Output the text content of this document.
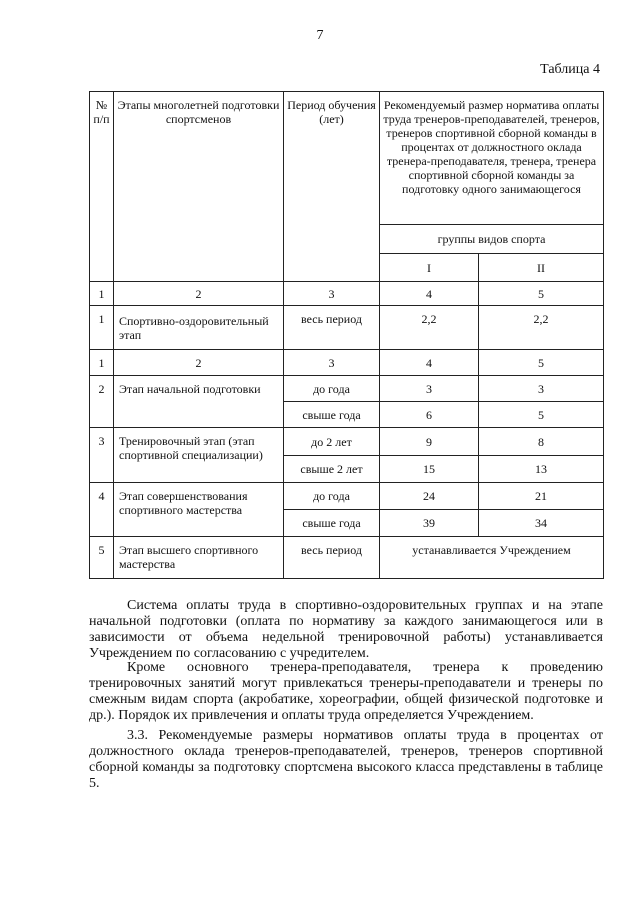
7
Таблица 4
№ п/п	Этапы многолетней подготовки спортсменов	Период обучения (лет)	Рекомендуемый размер норматива оплаты труда тренеров-преподавателей, тренеров, тренеров спортивной сборной команды в процентах от должностного оклада тренера-преподавателя, тренера, тренера спортивной сборной команды за подготовку одного занимающегося	
			группы видов спорта	
			I	II
1	2	3	4	5
1	Спортивно-оздоровительный этап	весь период	2,2	2,2
1	2	3	4	5
2	Этап начальной подготовки	до года	3	3
		свыше года	6	5
3	Тренировочный этап (этап спортивной специализации)	до 2 лет	9	8
		свыше 2 лет	15	13
4	Этап совершенствования спортивного мастерства	до года	24	21
		свыше года	39	34
5	Этап высшего спортивного мастерства	весь период	устанавливается Учреждением	

Система оплаты труда в спортивно-оздоровительных группах и на этапе начальной подготовки (оплата по нормативу за каждого занимающегося или в зависимости от объема недельной тренировочной работы) устанавливается Учреждением по согласованию с учредителем.

Кроме основного тренера-преподавателя, тренера к проведению тренировочных занятий могут привлекаться тренеры-преподаватели и тренеры по смежным видам спорта (акробатике, хореографии, общей физической подготовке и др.). Порядок их привлечения и оплаты труда определяется Учреждением.

3.3. Рекомендуемые размеры нормативов оплаты труда в процентах от должностного оклада тренеров-преподавателей, тренеров, тренеров спортивной сборной команды за подготовку спортсмена высокого класса представлены в таблице 5.
